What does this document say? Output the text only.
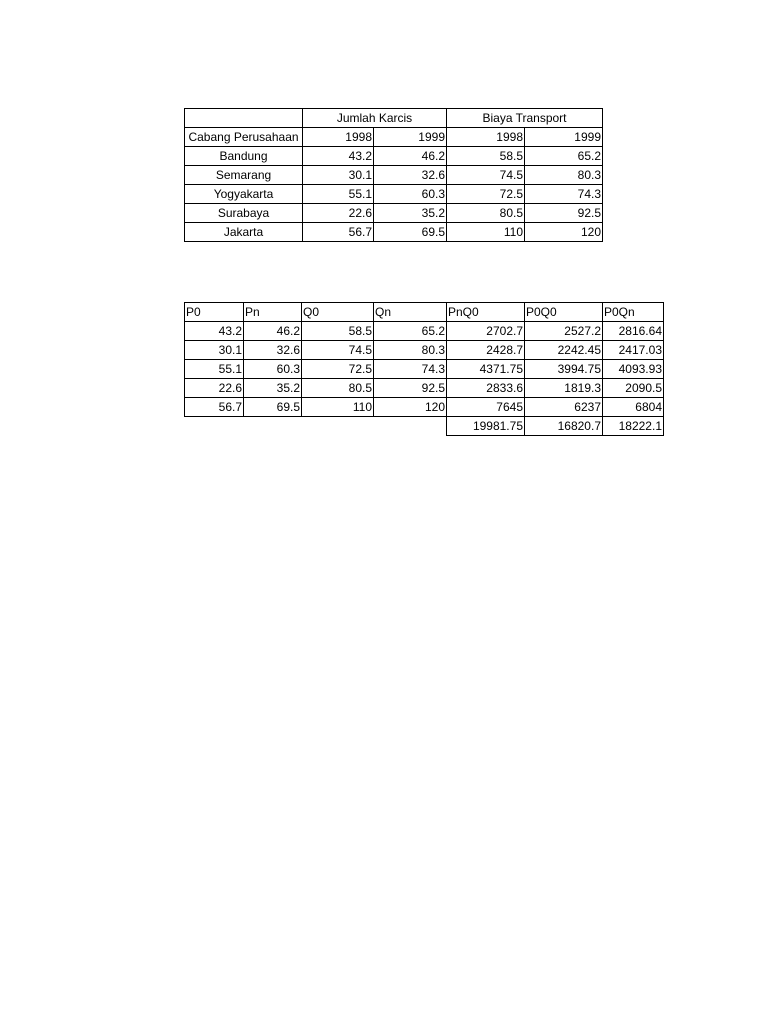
	Jumlah Karcis		Biaya Transport	
Cabang Perusahaan	1998	1999	1998	1999
Bandung	43.2	46.2	58.5	65.2
Semarang	30.1	32.6	74.5	80.3
Yogyakarta	55.1	60.3	72.5	74.3
Surabaya	22.6	35.2	80.5	92.5
Jakarta	56.7	69.5	110	120
P0	Pn	Q0	Qn	PnQ0	P0Q0	P0Qn
43.2	46.2	58.5	65.2	2702.7	2527.2	2816.64
30.1	32.6	74.5	80.3	2428.7	2242.45	2417.03
55.1	60.3	72.5	74.3	4371.75	3994.75	4093.93
22.6	35.2	80.5	92.5	2833.6	1819.3	2090.5
56.7	69.5	110	120	7645	6237	6804
				19981.75	16820.7	18222.1
